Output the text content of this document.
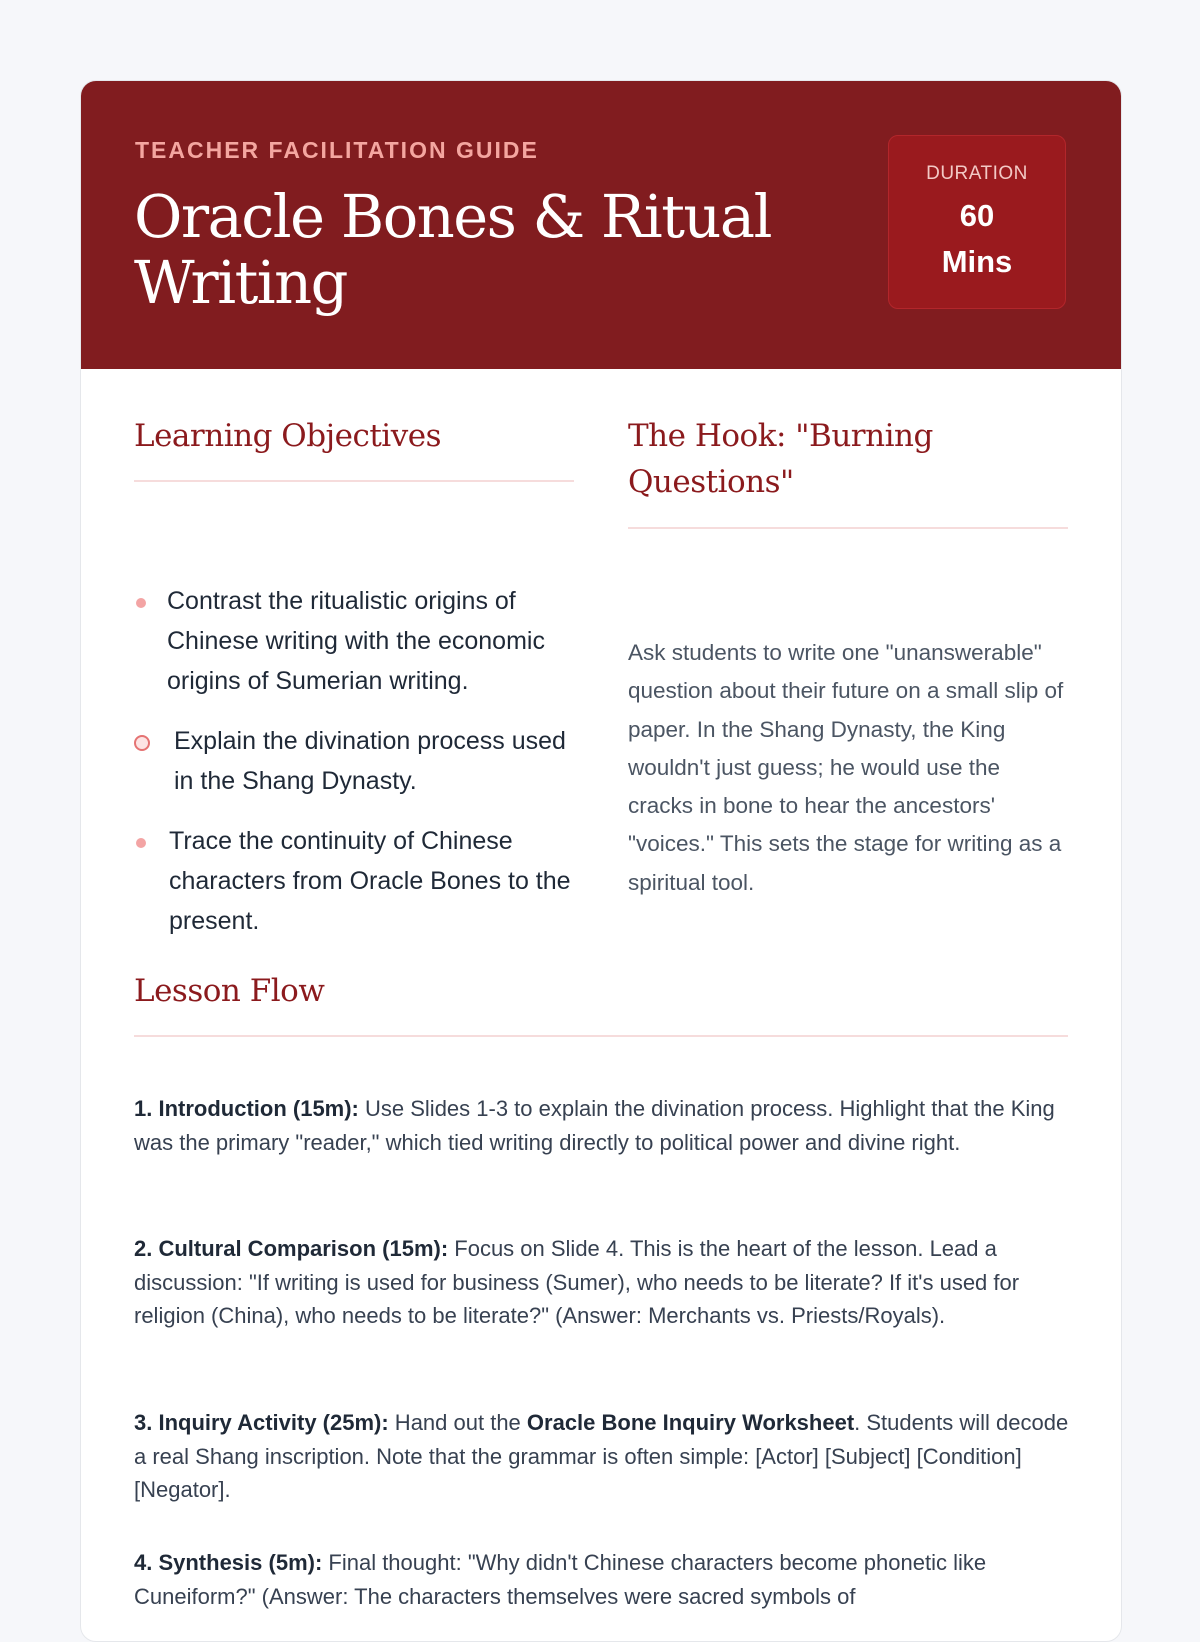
TEACHER FACILITATION GUIDE
Oracle Bones & Ritual Writing
DURATION
60
Mins
Learning Objectives
Contrast the ritualistic origins of Chinese writing with the economic origins of Sumerian writing.
Explain the divination process used in the Shang Dynasty.
Trace the continuity of Chinese characters from Oracle Bones to the present.
The Hook: "Burning Questions"

Ask students to write one "unanswerable" question about their future on a small slip of paper. In the Shang Dynasty, the King wouldn't just guess; he would use the cracks in bone to hear the ancestors' "voices." This sets the stage for writing as a spiritual tool.

Lesson Flow

1. Introduction (15m): Use Slides 1-3 to explain the divination process. Highlight that the King was the primary "reader," which tied writing directly to political power and divine right.

2. Cultural Comparison (15m): Focus on Slide 4. This is the heart of the lesson. Lead a discussion: "If writing is used for business (Sumer), who needs to be literate? If it's used for religion (China), who needs to be literate?" (Answer: Merchants vs. Priests/Royals).

3. Inquiry Activity (25m): Hand out the Oracle Bone Inquiry Worksheet. Students will decode a real Shang inscription. Note that the grammar is often simple: [Actor] [Subject] [Condition] [Negator].

4. Synthesis (5m): Final thought: "Why didn't Chinese characters become phonetic like Cuneiform?" (Answer: The characters themselves were sacred symbols of
